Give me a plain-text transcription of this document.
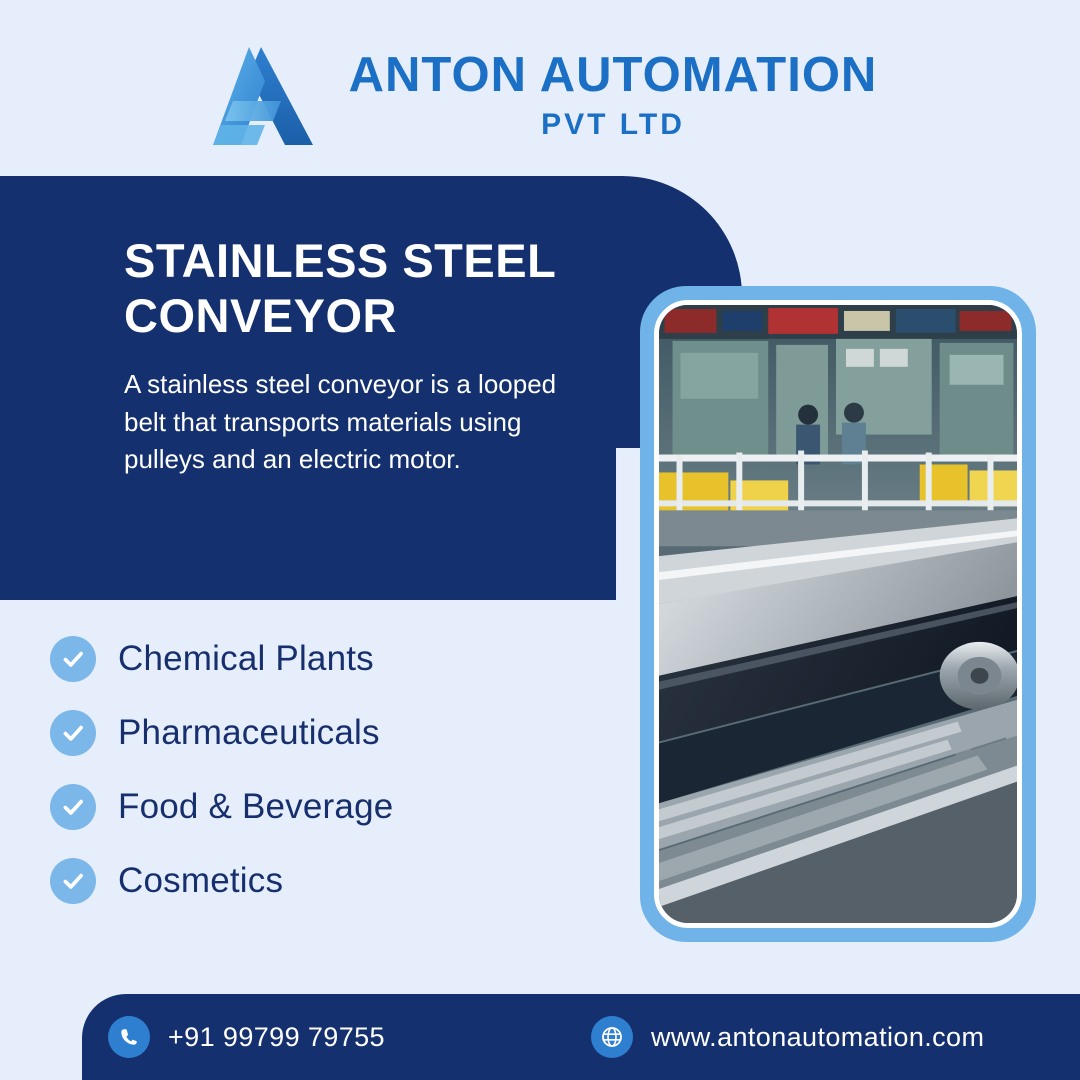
ANTON AUTOMATION
PVT LTD
STAINLESS STEEL CONVEYOR
A stainless steel conveyor is a looped belt that transports materials using pulleys and an electric motor.
Chemical Plants
Pharmaceuticals
Food & Beverage
Cosmetics
+91 99799 79755	www.antonautomation.com
